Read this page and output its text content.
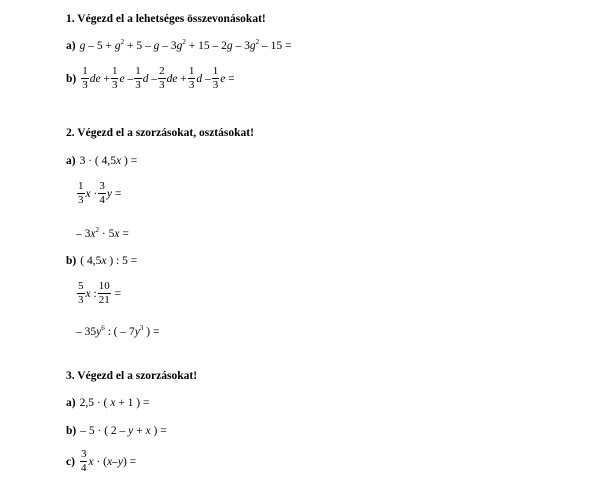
1. Végezd el a lehetséges összevonásokat!
a) $g - 5 + g^2 + 5 - g - 3g^2 + 15 - 2g - 3g^2 - 15$ =
$b) \frac{1}{3}$ de + $\frac{1}{3}$ e – $\frac{1}{3}$ d – $\frac{2}{3}$ de + $\frac{1}{3}$ d – $\frac{1}{3}$ e =
2. Végezd el a szorzásokat, osztásokat!
a) 3 · ( 4,5x ) =
$\frac{1}{3}$ $x \cdot \frac{3}{4}$ y =
– $3x^2 \cdot 5x$ =
b) ( 4,5x ) : 5 =
$\frac{5}{3}$ x : $\frac{10}{21}$ =
– $35y^6$ : ( – $7y^3$ ) =
3. Végezd el a szorzásokat!
a) 2,5 · ( x + 1 ) =
b) – 5 · ( 2 – y + x ) =
$c) \frac{3}{4}$ x · ( x – y ) =
